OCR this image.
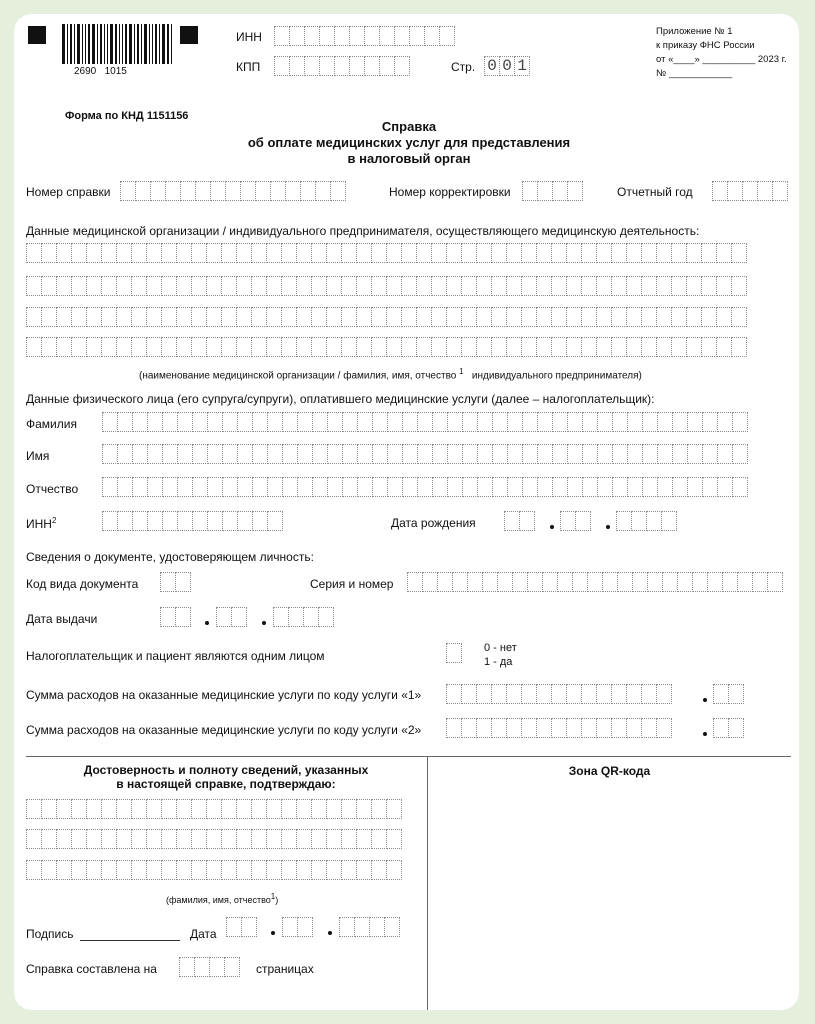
2690   1015
ИНН
КПП	Стр. 0 0 1
Приложение № 1
к приказу ФНС России
от «____» __________ 2023 г.
№ ____________
Форма по КНД 1151156
Справка
об оплате медицинских услуг для представления
в налоговый орган
Номер справки	Номер корректировки	Отчетный год
Данные медицинской организации / индивидуального предпринимателя, осуществляющего медицинскую деятельность:
(наименование медицинской организации / фамилия, имя, отчество $^1$ индивидуального предпринимателя)
Данные физического лица (его супруга/супруги), оплатившего медицинские услуги (далее – налогоплательщик):
Фамилия
Имя
Отчество
ИНН$^2$	Дата рождения
Сведения о документе, удостоверяющем личность:
Код вида документа	Серия и номер
Дата выдачи
Налогоплательщик и пациент являются одним лицом
0 - нет
1 - да
Сумма расходов на оказанные медицинские услуги по коду услуги «1»
Сумма расходов на оказанные медицинские услуги по коду услуги «2»
Достоверность и полноту сведений, указанных
в настоящей справке, подтверждаю:
(фамилия, имя, отчество1)
Подпись	Дата
Справка составлена на	страницах
Зона QR-кода
